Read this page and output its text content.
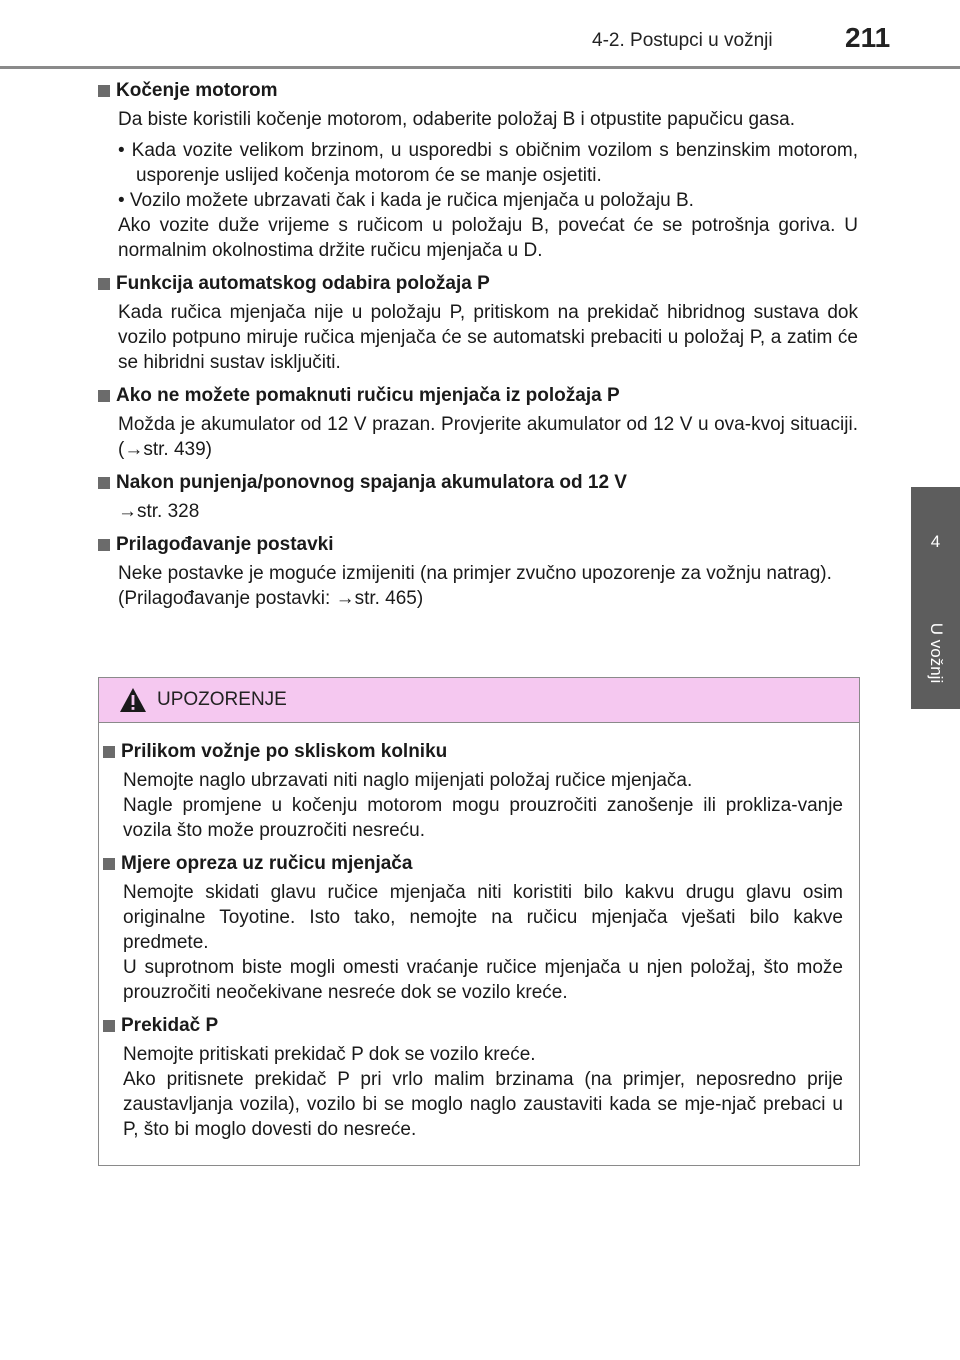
4-2. Postupci u vožnji	211
4
U vožnji
Kočenje motorom
Da biste koristili kočenje motorom, odaberite položaj B i otpustite papučicu gasa.
• Kada vozite velikom brzinom, u usporedbi s običnim vozilom s benzinskim motorom, usporenje uslijed kočenja motorom će se manje osjetiti.
• Vozilo možete ubrzavati čak i kada je ručica mjenjača u položaju B.
Ako vozite duže vrijeme s ručicom u položaju B, povećat će se potrošnja goriva. U normalnim okolnostima držite ručicu mjenjača u D.
Funkcija automatskog odabira položaja P
Kada ručica mjenjača nije u položaju P, pritiskom na prekidač hibridnog sustava dok vozilo potpuno miruje ručica mjenjača će se automatski prebaciti u položaj P, a zatim će se hibridni sustav isključiti.
Ako ne možete pomaknuti ručicu mjenjača iz položaja P
Možda je akumulator od 12 V prazan. Provjerite akumulator od 12 V u ova-kvoj situaciji. (→str. 439)
Nakon punjenja/ponovnog spajanja akumulatora od 12 V
→str. 328
Prilagođavanje postavki
Neke postavke je moguće izmijeniti (na primjer zvučno upozorenje za vožnju natrag).
(Prilagođavanje postavki: →str. 465)
UPOZORENJE
Prilikom vožnje po skliskom kolniku
Nemojte naglo ubrzavati niti naglo mijenjati položaj ručice mjenjača.
Nagle promjene u kočenju motorom mogu prouzročiti zanošenje ili prokliza-vanje vozila što može prouzročiti nesreću.
Mjere opreza uz ručicu mjenjača
Nemojte skidati glavu ručice mjenjača niti koristiti bilo kakvu drugu glavu osim originalne Toyotine. Isto tako, nemojte na ručicu mjenjača vješati bilo kakve predmete.
U suprotnom biste mogli omesti vraćanje ručice mjenjača u njen položaj, što može prouzročiti neočekivane nesreće dok se vozilo kreće.
Prekidač P
Nemojte pritiskati prekidač P dok se vozilo kreće.
Ako pritisnete prekidač P pri vrlo malim brzinama (na primjer, neposredno prije zaustavljanja vozila), vozilo bi se moglo naglo zaustaviti kada se mje-njač prebaci u P, što bi moglo dovesti do nesreće.
